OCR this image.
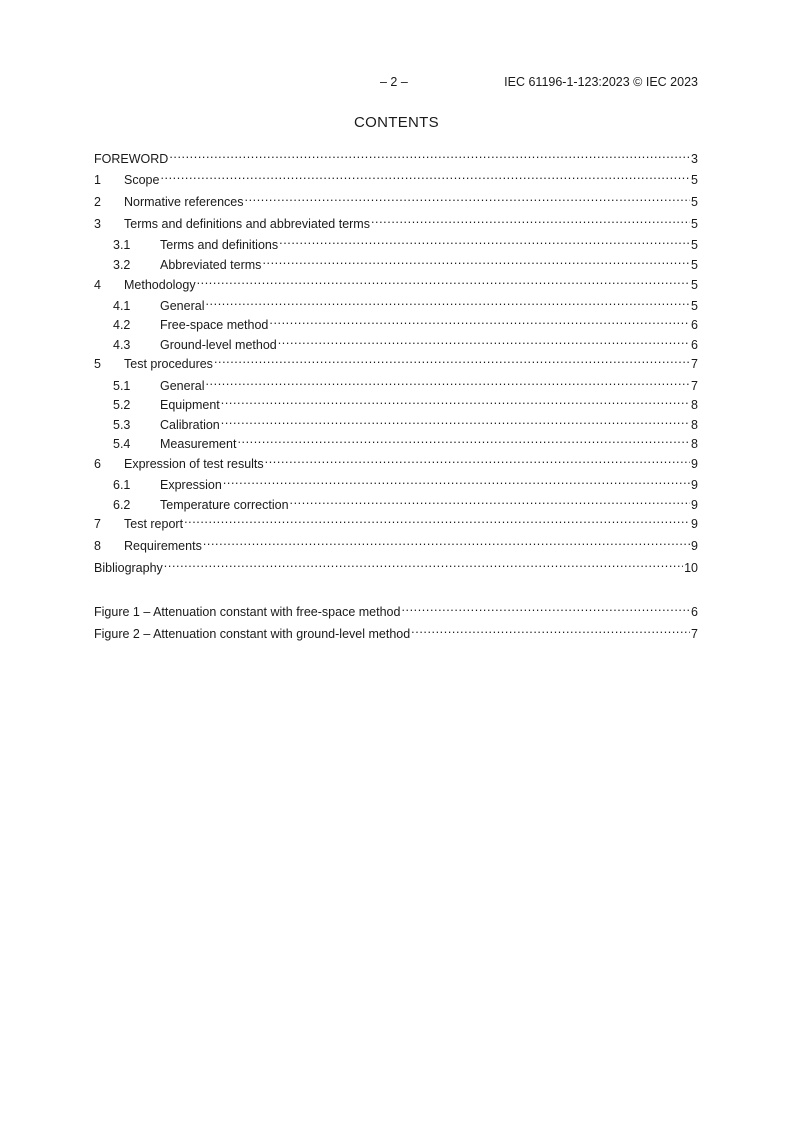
– 2 –	IEC 61196-1-123:2023 © IEC 2023
CONTENTS
FOREWORD .....	3
1	Scope .....	5
2	Normative references .....	5
3	Terms and definitions and abbreviated terms .....	5
3.1	Terms and definitions .....	5
3.2	Abbreviated terms .....	5
4	Methodology .....	5
4.1	General .....	5
4.2	Free-space method .....	6
4.3	Ground-level method .....	6
5	Test procedures .....	7
5.1	General .....	7
5.2	Equipment .....	8
5.3	Calibration .....	8
5.4	Measurement .....	8
6	Expression of test results .....	9
6.1	Expression .....	9
6.2	Temperature correction .....	9
7	Test report .....	9
8	Requirements .....	9
Bibliography .....	10
Figure 1 – Attenuation constant with free-space method .....	6
Figure 2 – Attenuation constant with ground-level method .....	7
